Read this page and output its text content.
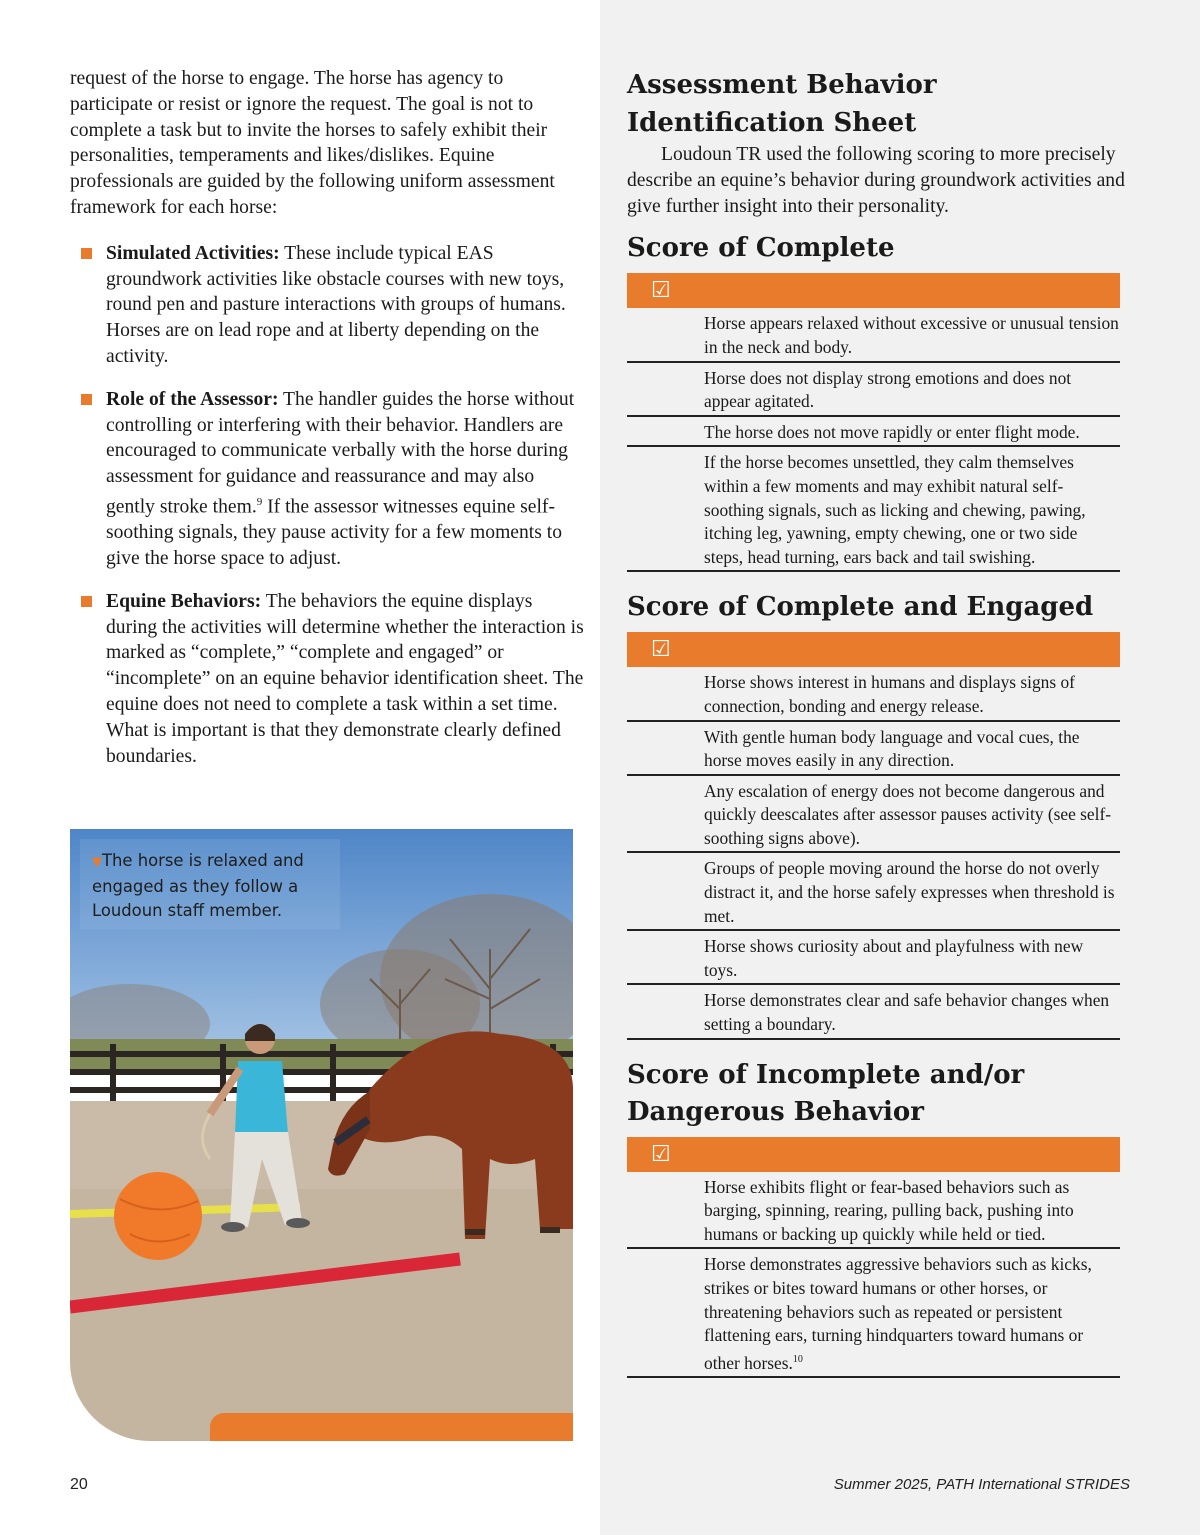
request of the horse to engage. The horse has agency to participate or resist or ignore the request. The goal is not to complete a task but to invite the horses to safely exhibit their personalities, temperaments and likes/dislikes. Equine professionals are guided by the following uniform assessment framework for each horse:

Simulated Activities: These include typical EAS groundwork activities like obstacle courses with new toys, round pen and pasture interactions with groups of humans. Horses are on lead rope and at liberty depending on the activity.
Role of the Assessor: The handler guides the horse without controlling or interfering with their behavior. Handlers are encouraged to communicate verbally with the horse during assessment for guidance and reassurance and may also gently stroke them.$^9$ If the assessor witnesses equine self-soothing signals, they pause activity for a few moments to give the horse space to adjust.
Equine Behaviors: The behaviors the equine displays during the activities will determine whether the interaction is marked as “complete,” “complete and engaged” or “incomplete” on an equine behavior identification sheet. The equine does not need to complete a task within a set time. What is important is that they demonstrate clearly defined boundaries.
▼The horse is relaxed and engaged as they follow a Loudoun staff member.
Assessment Behavior Identification Sheet

Loudoun TR used the following scoring to more precisely describe an equine’s behavior during groundwork activities and give further insight into their personality.

Score of Complete
☑
Horse appears relaxed without excessive or unusual tension in the neck and body.
Horse does not display strong emotions and does not appear agitated.
The horse does not move rapidly or enter flight mode.
If the horse becomes unsettled, they calm themselves within a few moments and may exhibit natural self-soothing signals, such as licking and chewing, pawing, itching leg, yawning, empty chewing, one or two side steps, head turning, ears back and tail swishing.
Score of Complete and Engaged
☑
Horse shows interest in humans and displays signs of connection, bonding and energy release.
With gentle human body language and vocal cues, the horse moves easily in any direction.
Any escalation of energy does not become dangerous and quickly deescalates after assessor pauses activity (see self-soothing signs above).
Groups of people moving around the horse do not overly distract it, and the horse safely expresses when threshold is met.
Horse shows curiosity about and playfulness with new toys.
Horse demonstrates clear and safe behavior changes when setting a boundary.
Score of Incomplete and/or Dangerous Behavior
☑
Horse exhibits flight or fear-based behaviors such as barging, spinning, rearing, pulling back, pushing into humans or backing up quickly while held or tied.
Horse demonstrates aggressive behaviors such as kicks, strikes or bites toward humans or other horses, or threatening behaviors such as repeated or persistent flattening ears, turning hindquarters toward humans or other horses.$^{10}$
20	Summer 2025, PATH International STRIDES
